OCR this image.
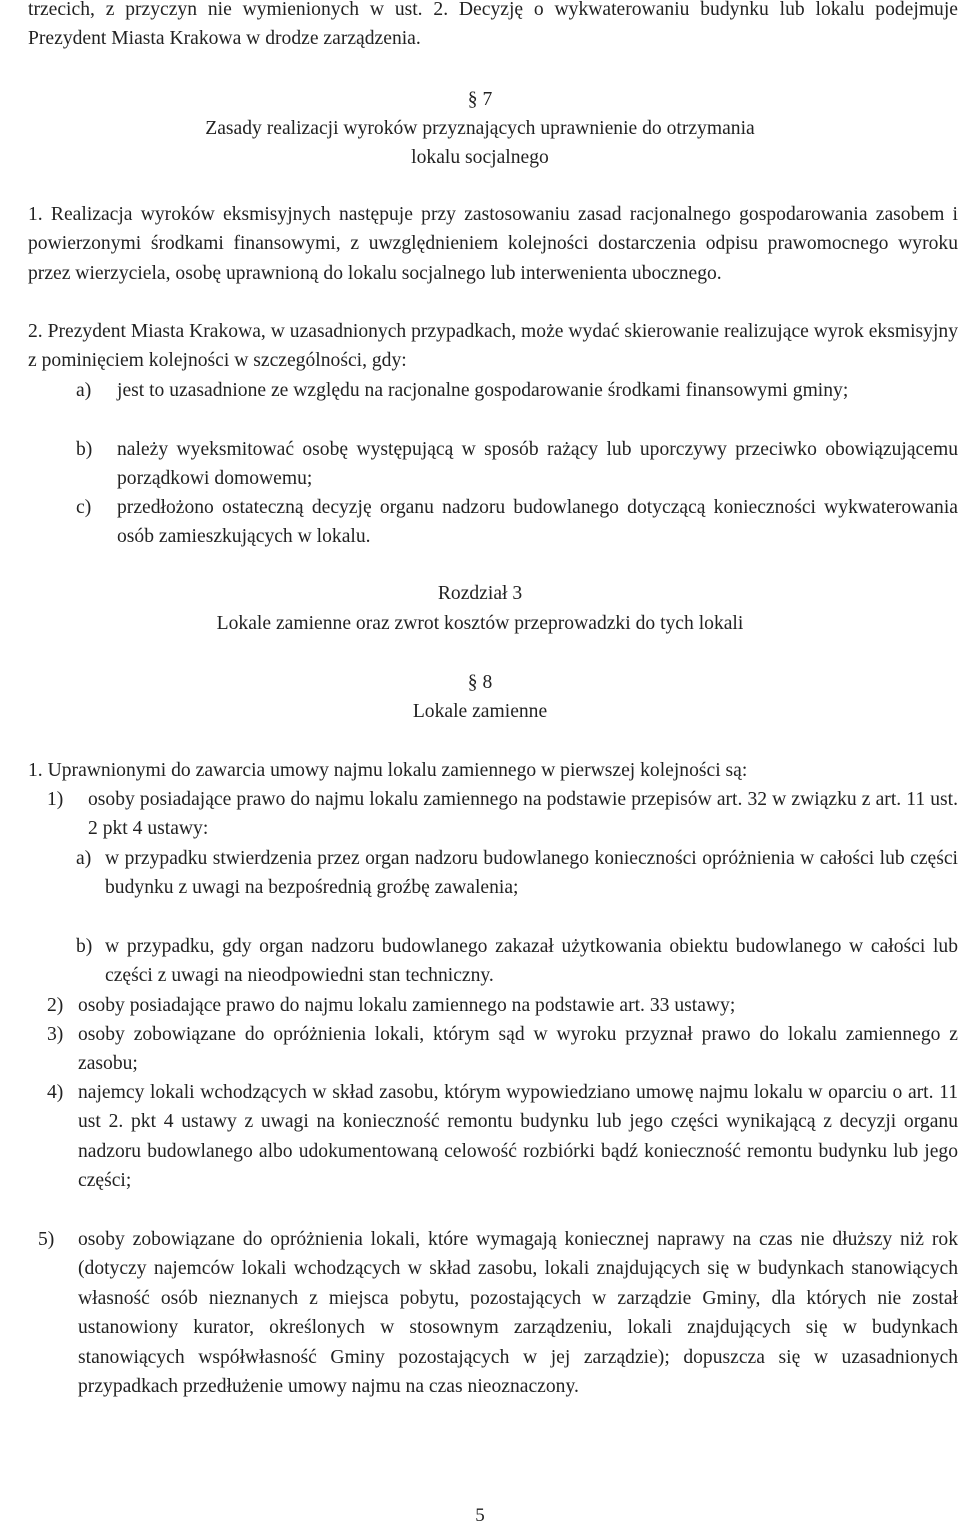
trzecich, z przyczyn nie wymienionych w ust. 2. Decyzję o wykwaterowaniu budynku lub lokalu podejmuje Prezydent Miasta Krakowa w drodze zarządzenia.

§ 7

Zasady realizacji wyroków przyznających uprawnienie do otrzymania lokalu socjalnego

1. Realizacja wyroków eksmisyjnych następuje przy zastosowaniu zasad racjonalnego gospodarowania zasobem i powierzonymi środkami finansowymi, z uwzględnieniem kolejności dostarczenia odpisu prawomocnego wyroku przez wierzyciela, osobę uprawnioną do lokalu socjalnego lub interwenienta ubocznego.

2. Prezydent Miasta Krakowa, w uzasadnionych przypadkach, może wydać skierowanie realizujące wyrok eksmisyjny z pominięciem kolejności w szczególności, gdy:

a) jest to uzasadnione ze względu na racjonalne gospodarowanie środkami finansowymi gminy;

b) należy wyeksmitować osobę występującą w sposób rażący lub uporczywy przeciwko obowiązującemu porządkowi domowemu;

c) przedłożono ostateczną decyzję organu nadzoru budowlanego dotyczącą konieczności wykwaterowania osób zamieszkujących w lokalu.

Rozdział 3

Lokale zamienne oraz zwrot kosztów przeprowadzki do tych lokali

§ 8

Lokale zamienne

1. Uprawnionymi do zawarcia umowy najmu lokalu zamiennego w pierwszej kolejności są:

1) osoby posiadające prawo do najmu lokalu zamiennego na podstawie przepisów art. 32 w związku z art. 11 ust. 2 pkt 4 ustawy:

a) w przypadku stwierdzenia przez organ nadzoru budowlanego konieczności opróżnienia w całości lub części budynku z uwagi na bezpośrednią groźbę zawalenia;

b) w przypadku, gdy organ nadzoru budowlanego zakazał użytkowania obiektu budowlanego w całości lub części z uwagi na nieodpowiedni stan techniczny.

2) osoby posiadające prawo do najmu lokalu zamiennego na podstawie art. 33 ustawy;

3) osoby zobowiązane do opróżnienia lokali, którym sąd w wyroku przyznał prawo do lokalu zamiennego z zasobu;

4) najemcy lokali wchodzących w skład zasobu, którym wypowiedziano umowę najmu lokalu w oparciu o art. 11 ust 2. pkt 4 ustawy z uwagi na konieczność remontu budynku lub jego części wynikającą z decyzji organu nadzoru budowlanego albo udokumentowaną celowość rozbiórki bądź konieczność remontu budynku lub jego części;

5) osoby zobowiązane do opróżnienia lokali, które wymagają koniecznej naprawy na czas nie dłuższy niż rok (dotyczy najemców lokali wchodzących w skład zasobu, lokali znajdujących się w budynkach stanowiących własność osób nieznanych z miejsca pobytu, pozostających w zarządzie Gminy, dla których nie został ustanowiony kurator, określonych w stosownym zarządzeniu, lokali znajdujących się w budynkach stanowiących współwłasność Gminy pozostających w jej zarządzie); dopuszcza się w uzasadnionych przypadkach przedłużenie umowy najmu na czas nieoznaczony.

5
